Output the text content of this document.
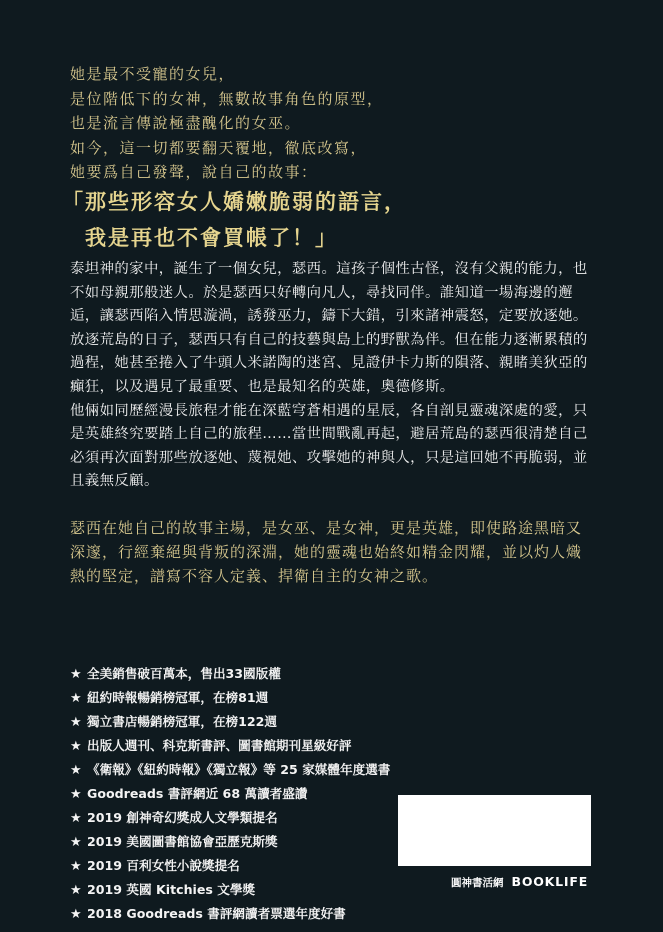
她是最不受寵的女兒，
是位階低下的女神，無數故事角色的原型，
也是流言傳說極盡醜化的女巫。
如今，這一切都要翻天覆地，徹底改寫，
她要爲自己發聲，說自己的故事：
「那些形容女人嬌嫩脆弱的語言，
　我是再也不會買帳了！」
泰坦神的家中，誕生了一個女兒，瑟西。這孩子個性古怪，沒有父親的能力，也
不如母親那般迷人。於是瑟西只好轉向凡人，尋找同伴。誰知道一場海邊的邂
逅，讓瑟西陷入情思漩渦，誘發巫力，鑄下大錯，引來諸神震怒，定要放逐她。
放逐荒島的日子，瑟西只有自己的技藝與島上的野獸為伴。但在能力逐漸累積的
過程，她甚至捲入了牛頭人米諾陶的迷宮、見證伊卡力斯的隕落、親睹美狄亞的
癲狂，以及遇見了最重要、也是最知名的英雄，奧德修斯。
他倆如同歷經漫長旅程才能在深藍穹蒼相遇的星辰，各自剖見靈魂深處的愛，只
是英雄終究要踏上自己的旅程……當世間戰亂再起，避居荒島的瑟西很清楚自己
必須再次面對那些放逐她、蔑視她、攻擊她的神與人，只是這回她不再脆弱，並
且義無反顧。
瑟西在她自己的故事主場，是女巫、是女神，更是英雄，即使路途黑暗又
深邃，行經棄絕與背叛的深淵，她的靈魂也始終如精金閃耀，並以灼人熾
熱的堅定，譜寫不容人定義、捍衛自主的女神之歌。
★ 全美銷售破百萬本，售出33國版權
★ 紐約時報暢銷榜冠軍，在榜81週
★ 獨立書店暢銷榜冠軍，在榜122週
★ 出版人週刊、科克斯書評、圖書館期刊星級好評
★ 《衛報》《紐約時報》《獨立報》等 25 家媒體年度選書
★ Goodreads 書評網近 68 萬讀者盛讚
★ 2019 創神奇幻獎成人文學類提名
★ 2019 美國圖書館協會亞歷克斯獎
★ 2019 百利女性小說獎提名
★ 2019 英國 Kitchies 文學獎
★ 2018 Goodreads 書評網讀者票選年度好書
圓神書活網 BOOKLIFE
